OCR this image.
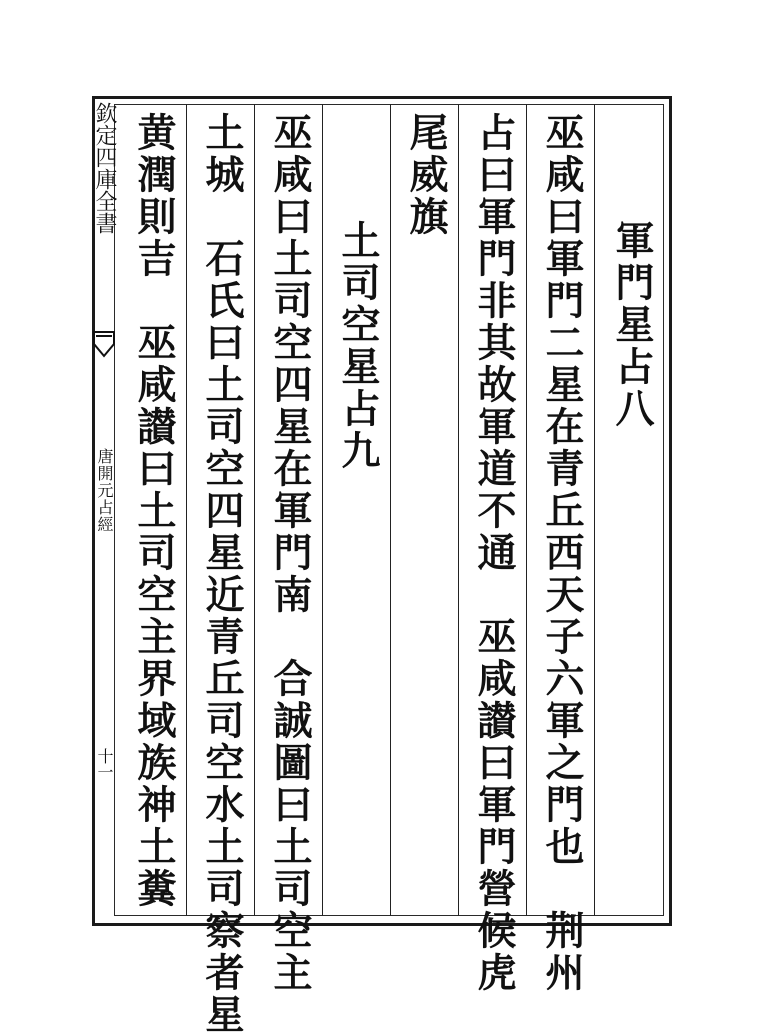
欽定四庫全書
唐開元占經
十一
軍門星占八
巫咸曰軍門二星在青丘西天子六軍之門也　荆州
占曰軍門非其故軍道不通　巫咸讃曰軍門營候虎
尾威旗
土司空星占九
巫咸曰土司空四星在軍門南　合誠圖曰土司空主
土城　石氏曰土司空四星近青丘司空水土司察者星
黄潤則吉　巫咸讃曰土司空主界域族神土糞
